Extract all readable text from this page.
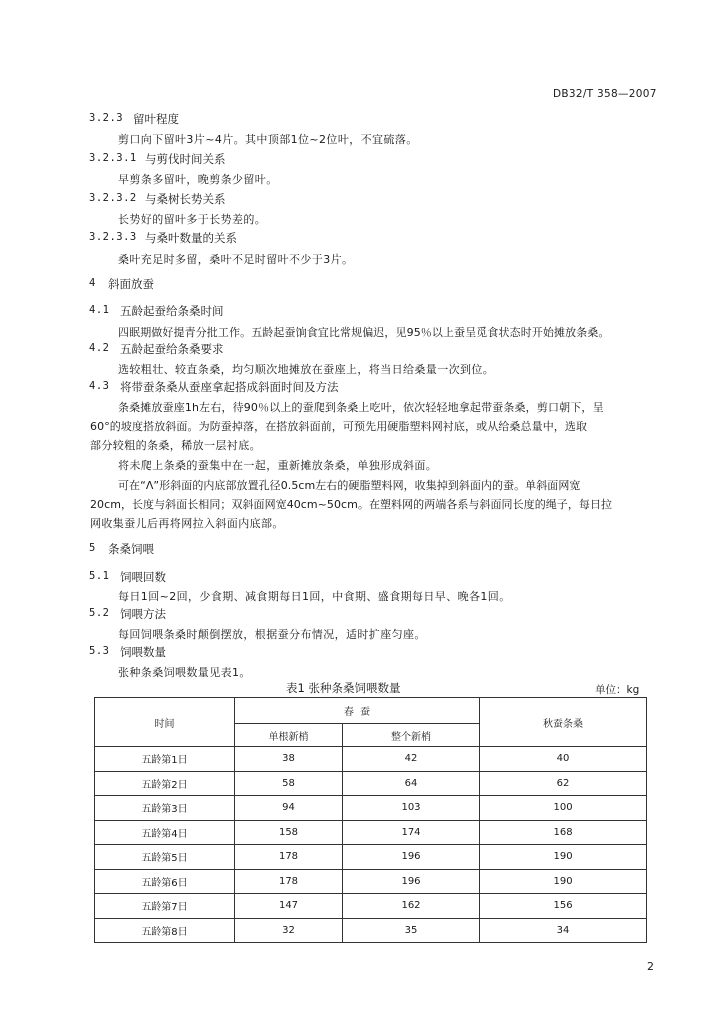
DB32/T 358—2007
3.2.3 留叶程度
剪口向下留叶3片~4片。其中顶部1位~2位叶，不宜硫落。
3.2.3.1 与剪伐时间关系
早剪条多留叶，晚剪条少留叶。
3.2.3.2 与桑树长势关系
长势好的留叶多于长势差的。
3.2.3.3 与桑叶数量的关系
桑叶充足时多留，桑叶不足时留叶不少于3片。
4 斜面放蚕
4.1 五龄起蚕给条桑时间
四眠期做好提青分批工作。五龄起蚕饷食宜比常规偏迟，见95％以上蚕呈觅食状态时开始摊放条桑。
4.2 五龄起蚕给条桑要求
选较粗壮、较直条桑，均匀顺次地摊放在蚕座上，将当日给桑量一次到位。
4.3 将带蚕条桑从蚕座拿起搭成斜面时间及方法
条桑摊放蚕座1h左右，待90％以上的蚕爬到条桑上吃叶，依次轻轻地拿起带蚕条桑，剪口朝下，呈
60°的坡度搭放斜面。为防蚕掉落，在搭放斜面前，可预先用硬脂塑料网衬底，或从给桑总量中，选取
部分较粗的条桑，稀放一层衬底。
将未爬上条桑的蚕集中在一起，重新摊放条桑，单独形成斜面。
可在“Λ”形斜面的内底部放置孔径0.5cm左右的硬脂塑料网，收集掉到斜面内的蚕。单斜面网宽
20cm，长度与斜面长相同；双斜面网宽40cm~50cm。在塑料网的两端各系与斜面同长度的绳子，每日拉
网收集蚕儿后再将网拉入斜面内底部。
5 条桑饲喂
5.1 饲喂回数
每日1回~2回，少食期、减食期每日1回，中食期、盛食期每日早、晚各1回。
5.2 饲喂方法
每回饲喂条桑时颠倒摆放，根据蚕分布情况，适时扩座匀座。
5.3 饲喂数量
张种条桑饲喂数量见表1。
表1 张种条桑饲喂数量	单位：kg
时间	春  蚕		秋蚕条桑
	单根新梢	整个新梢	
五龄第1日	38	42	40
五龄第2日	58	64	62
五龄第3日	94	103	100
五龄第4日	158	174	168
五龄第5日	178	196	190
五龄第6日	178	196	190
五龄第7日	147	162	156
五龄第8日	32	35	34
2
